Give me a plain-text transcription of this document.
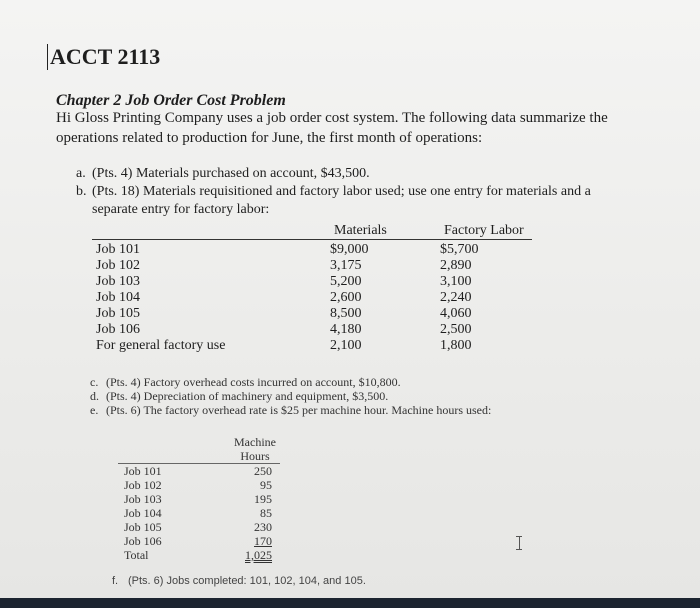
ACCT 2113
Chapter 2 Job Order Cost Problem
Hi Gloss Printing Company uses a job order cost system. The following data summarize the
operations related to production for June, the first month of operations:
a. (Pts. 4) Materials purchased on account, $43,500.
b. (Pts. 18) Materials requisitioned and factory labor used; use one entry for materials and a
separate entry for factory labor:
Materials	Factory Labor
Job 101
Job 102
Job 103
Job 104
Job 105
Job 106
For general factory use
$9,000
3,175
5,200
2,600
8,500
4,180
2,100
$5,700
2,890
3,100
2,240
4,060
2,500
1,800
c. (Pts. 4) Factory overhead costs incurred on account, $10,800.
d. (Pts. 4) Depreciation of machinery and equipment, $3,500.
e. (Pts. 6) The factory overhead rate is $25 per machine hour. Machine hours used:
Machine
Hours
Job 101
Job 102
Job 103
Job 104
Job 105
Job 106
Total
250
95
195
85
230
170
1,025
f. (Pts. 6) Jobs completed: 101, 102, 104, and 105.
